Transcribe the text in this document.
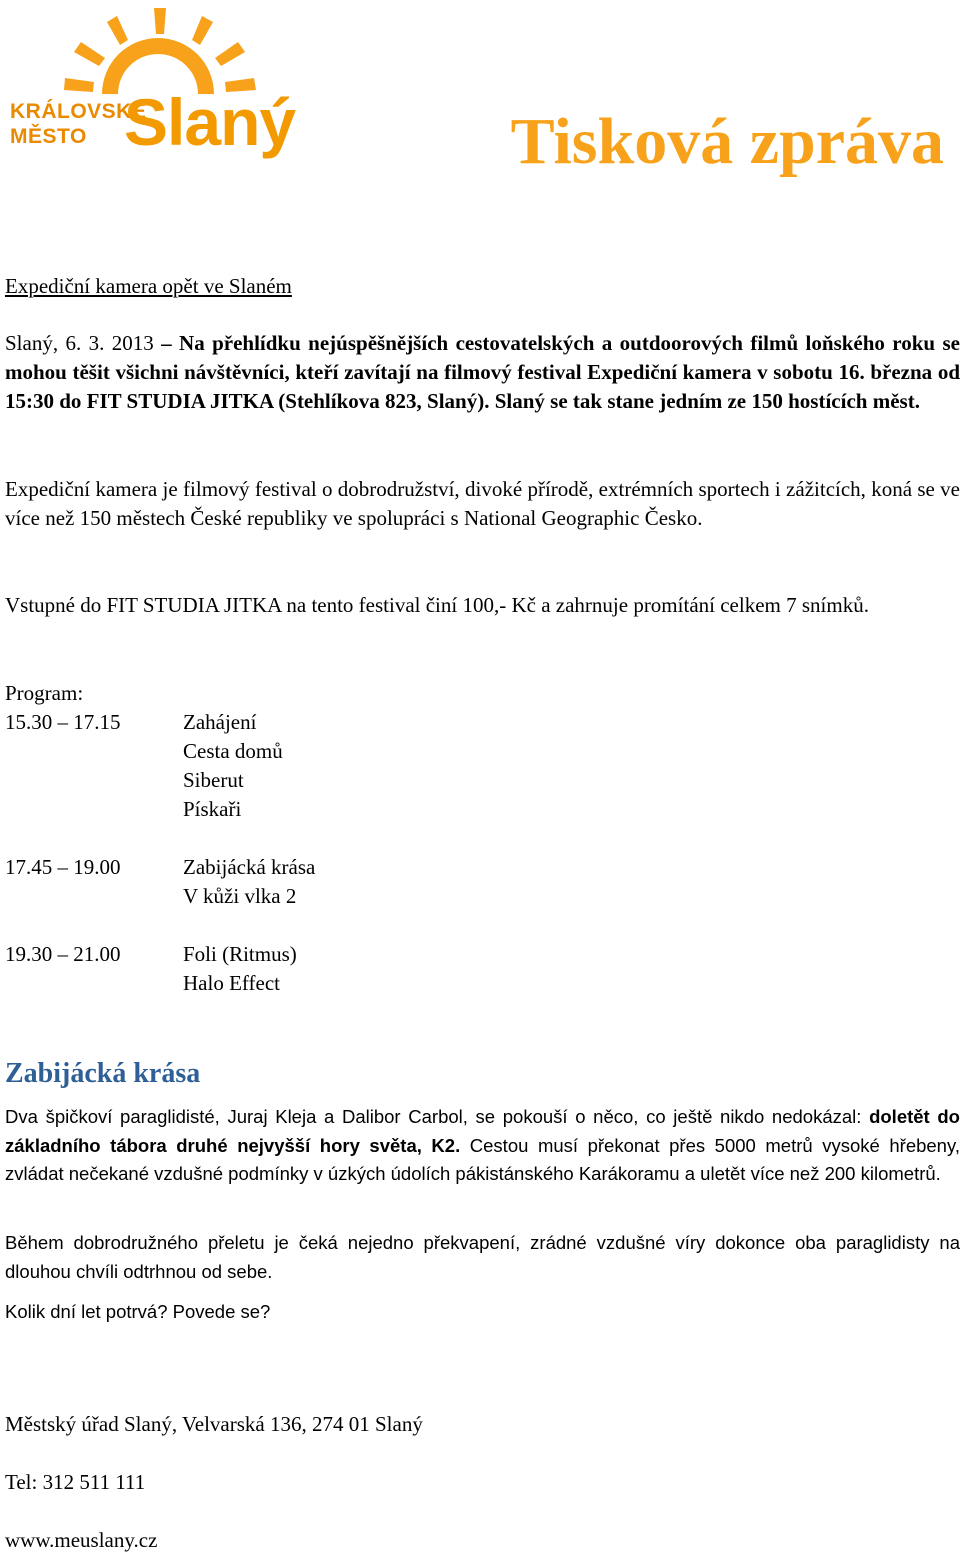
KRÁLOVSKÉ
MĚSTO Slaný	Tisková zpráva
Expediční kamera opět ve Slaném

Slaný, 6. 3. 2013 – Na přehlídku nejúspěšnějších cestovatelských a outdoorových filmů loňského roku se mohou těšit všichni návštěvníci, kteří zavítají na filmový festival Expediční kamera v sobotu 16. března od 15:30 do FIT STUDIA JITKA (Stehlíkova 823, Slaný). Slaný se tak stane jedním ze 150 hostících měst.

Expediční kamera je filmový festival o dobrodružství, divoké přírodě, extrémních sportech i zážitcích, koná se ve více než 150 městech České republiky ve spolupráci s National Geographic Česko.

Vstupné do FIT STUDIA JITKA na tento festival činí 100,- Kč a zahrnuje promítání celkem 7 snímků.

Program:
15.30 – 17.15	Zahájení
Cesta domů
Siberut
Pískaři
17.45 – 19.00	Zabijácká krása
V kůži vlka 2
19.30 – 21.00	Foli (Ritmus)
Halo Effect
Zabijácká krása

Dva špičkoví paraglidisté, Juraj Kleja a Dalibor Carbol, se pokouší o něco, co ještě nikdo nedokázal: doletět do základního tábora druhé nejvyšší hory světa, K2. Cestou musí překonat přes 5000 metrů vysoké hřebeny, zvládat nečekané vzdušné podmínky v úzkých údolích pákistánského Karákoramu a uletět více než 200 kilometrů.

Během dobrodružného přeletu je čeká nejedno překvapení, zrádné vzdušné víry dokonce oba paraglidisty na dlouhou chvíli odtrhnou od sebe.

Kolik dní let potrvá? Povede se?

Městský úřad Slaný, Velvarská 136, 274 01 Slaný
Tel: 312 511 111
www.meuslany.cz
